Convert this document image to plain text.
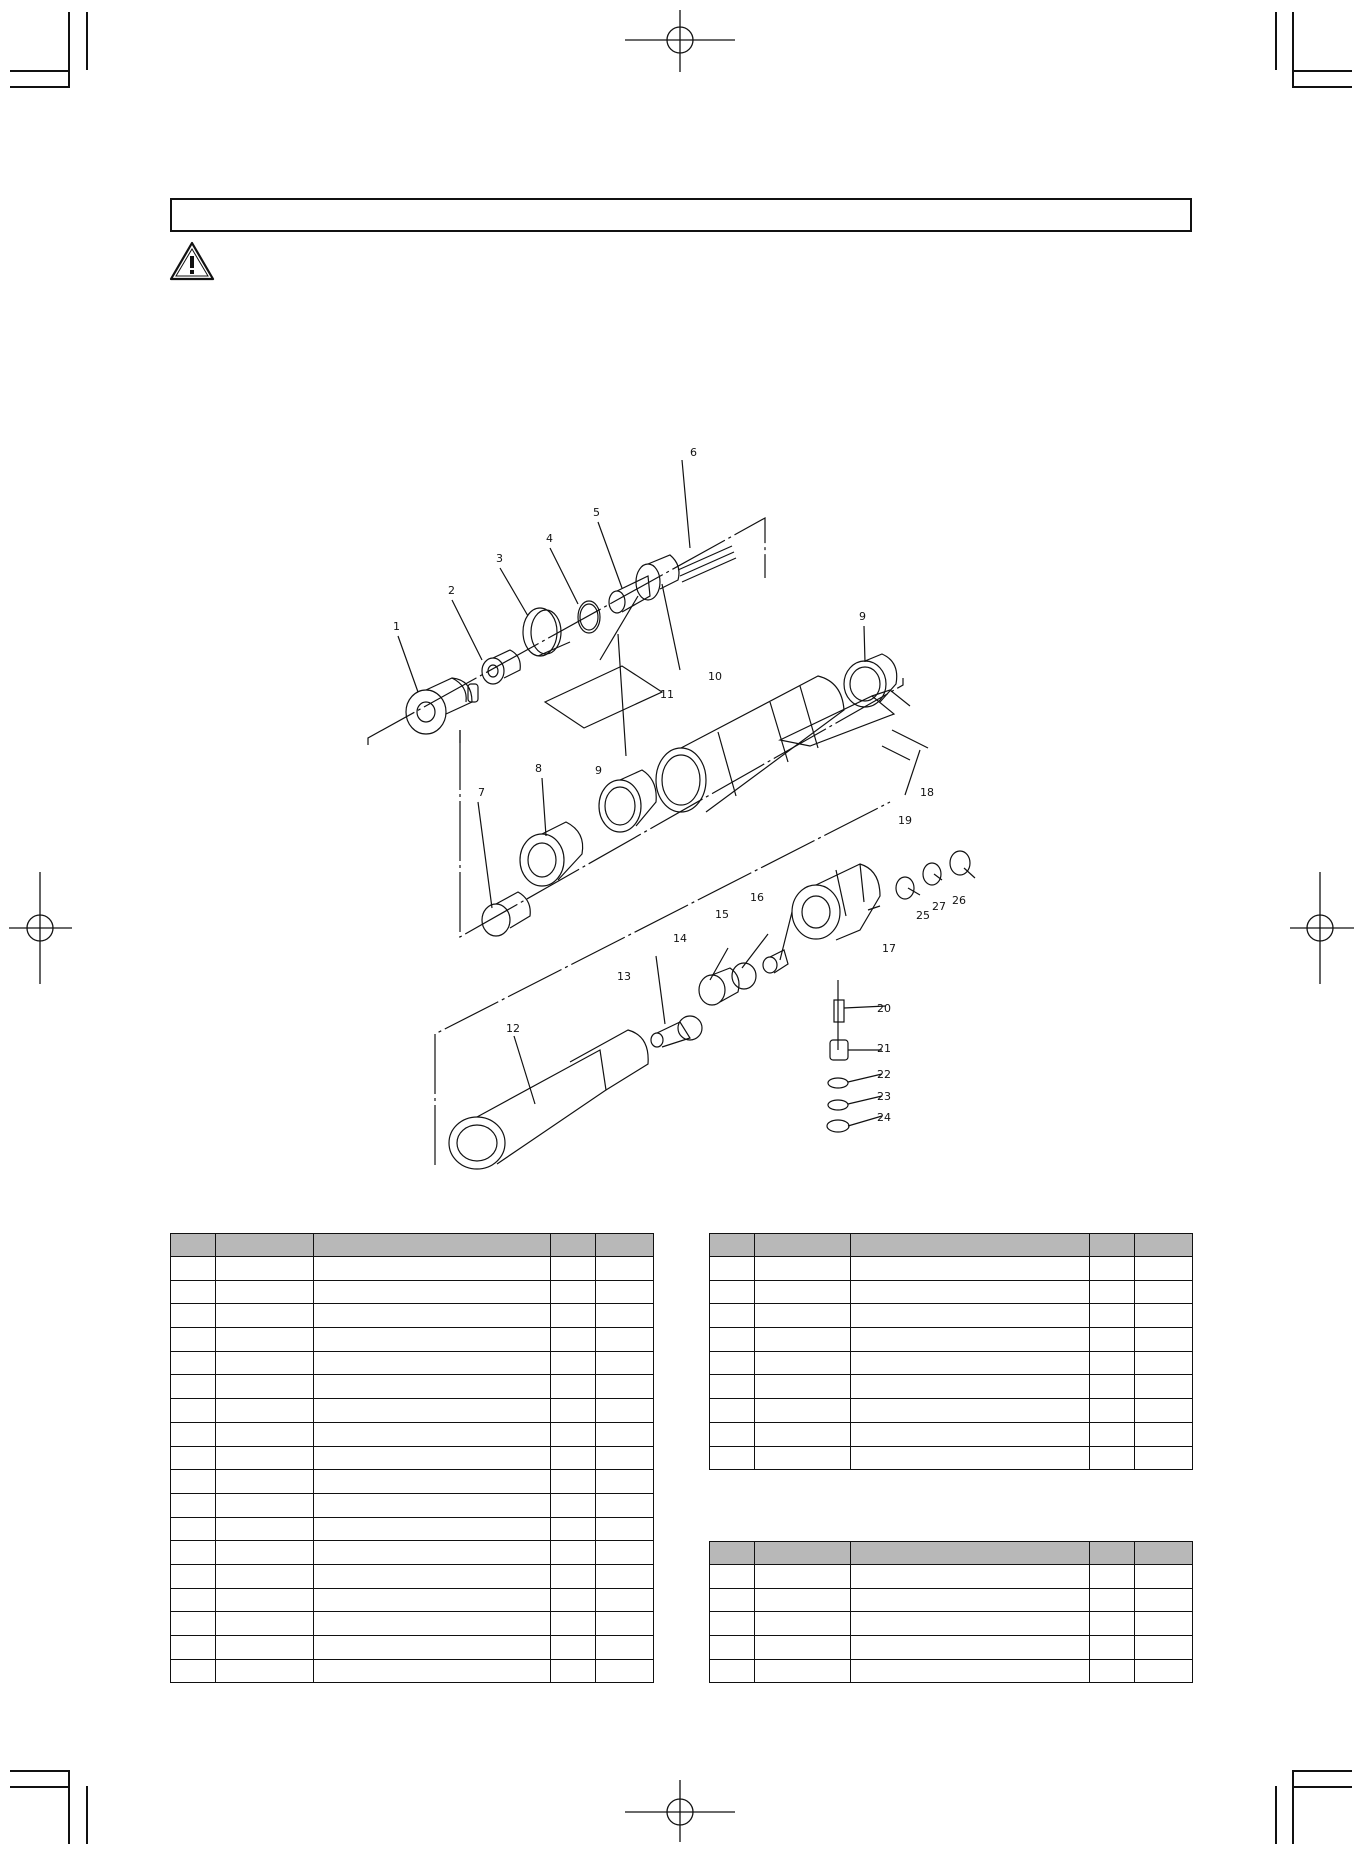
1
2
3
4
5
6
7
8
9
9
10
11
12
13
14
15
16
17
18
19
20
21
22
23
24
25
26
27
